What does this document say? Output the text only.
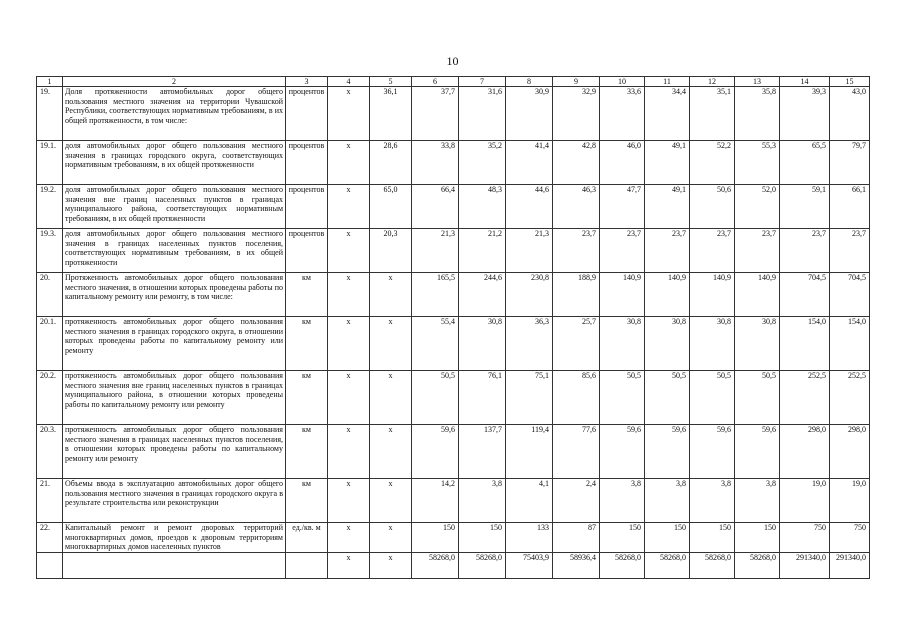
10
1	2	3	4	5	6	7	8	9	10	11	12	13	14	15
19.	Доля протяженности автомобильных дорог общего пользования местного значения на территории Чувашской Республики, соответствующих нормативным требованиям, в их общей протяженности, в том числе:	процентов	x	36,1	37,7	31,6	30,9	32,9	33,6	34,4	35,1	35,8	39,3	43,0
19.1.	доля автомобильных дорог общего пользования местного значения в границах городского округа, соответствующих нормативным требованиям, в их общей протяженности	процентов	x	28,6	33,8	35,2	41,4	42,8	46,0	49,1	52,2	55,3	65,5	79,7
19.2.	доля автомобильных дорог общего пользования местного значения вне границ населенных пунктов в границах муниципального района, соответствующих нормативным требованиям, в их общей протяженности	процентов	x	65,0	66,4	48,3	44,6	46,3	47,7	49,1	50,6	52,0	59,1	66,1
19.3.	доля автомобильных дорог общего пользования местного значения в границах населенных пунктов поселения, соответствующих нормативным требованиям, в их общей протяженности	процентов	x	20,3	21,3	21,2	21,3	23,7	23,7	23,7	23,7	23,7	23,7	23,7
20.	Протяженность автомобильных дорог общего пользования местного значения, в отношении которых проведены работы по капитальному ремонту или ремонту, в том числе:	км	x	x	165,5	244,6	230,8	188,9	140,9	140,9	140,9	140,9	704,5	704,5
20.1.	протяженность автомобильных дорог общего пользования местного значения в границах городского округа, в отношении которых проведены работы по капитальному ремонту или ремонту	км	x	x	55,4	30,8	36,3	25,7	30,8	30,8	30,8	30,8	154,0	154,0
20.2.	протяженность автомобильных дорог общего пользования местного значения вне границ населенных пунктов в границах муниципального района, в отношении которых проведены работы по капитальному ремонту или ремонту	км	x	x	50,5	76,1	75,1	85,6	50,5	50,5	50,5	50,5	252,5	252,5
20.3.	протяженность автомобильных дорог общего пользования местного значения в границах населенных пунктов поселения, в отношении которых проведены работы по капитальному ремонту или ремонту	км	x	x	59,6	137,7	119,4	77,6	59,6	59,6	59,6	59,6	298,0	298,0
21.	Объемы ввода в эксплуатацию автомобильных дорог общего пользования местного значения в границах городского округа в результате строительства или реконструкции	км	x	x	14,2	3,8	4,1	2,4	3,8	3,8	3,8	3,8	19,0	19,0
22.	Капитальный ремонт и ремонт дворовых территорий многоквартирных домов, проездов к дворовым территориям многоквартирных домов населенных пунктов	ед./кв. м	x	x	150	150	133	87	150	150	150	150	750	750
			x	x	58268,0	58268,0	75403,9	58936,4	58268,0	58268,0	58268,0	58268,0	291340,0	291340,0
